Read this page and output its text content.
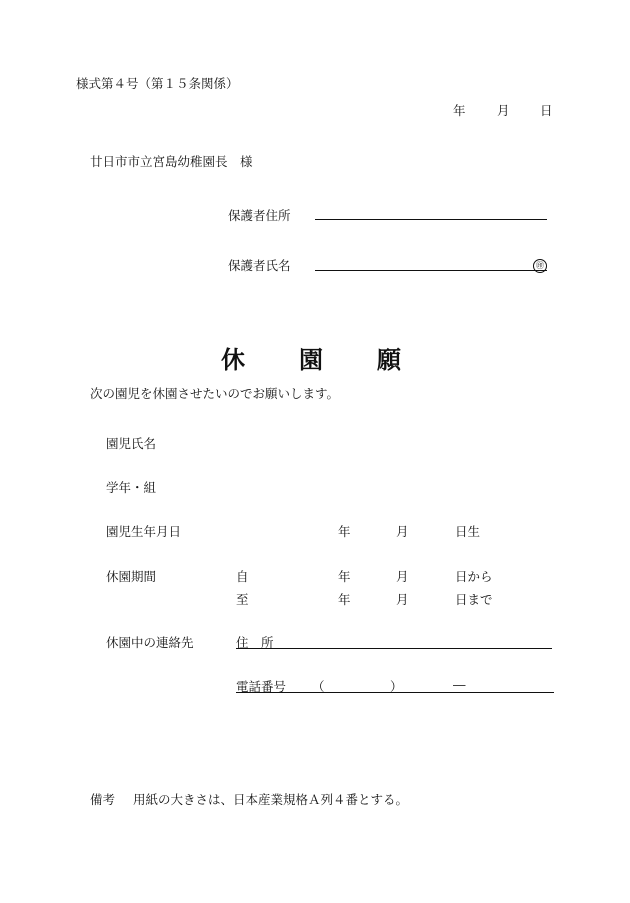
様式第４号（第１５条関係）
年	月 日
廿日市市立宮島幼稚園長　様
保護者住所
保護者氏名	㊞
休 園 願
次の園児を休園させたいのでお願いします。
園児氏名
学年・組
園児生年月日	年	月	日生
休園期間	自	年	月	日から
至	年	月	日まで
休園中の連絡先	住　所
電話番号 （	）	―
備考 用紙の大きさは、日本産業規格Ａ列４番とする。
